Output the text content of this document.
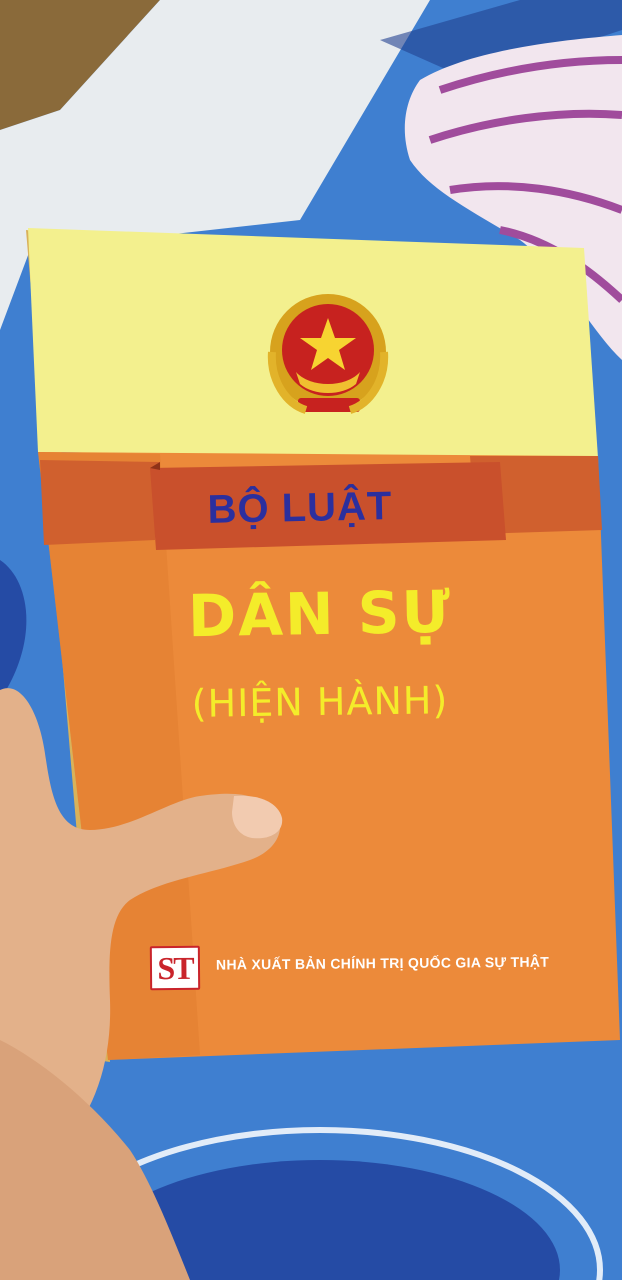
BỘ LUẬT
DÂN SỰ
(HIỆN HÀNH)
ST	NHÀ XUẤT BẢN CHÍNH TRỊ QUỐC GIA SỰ THẬT
